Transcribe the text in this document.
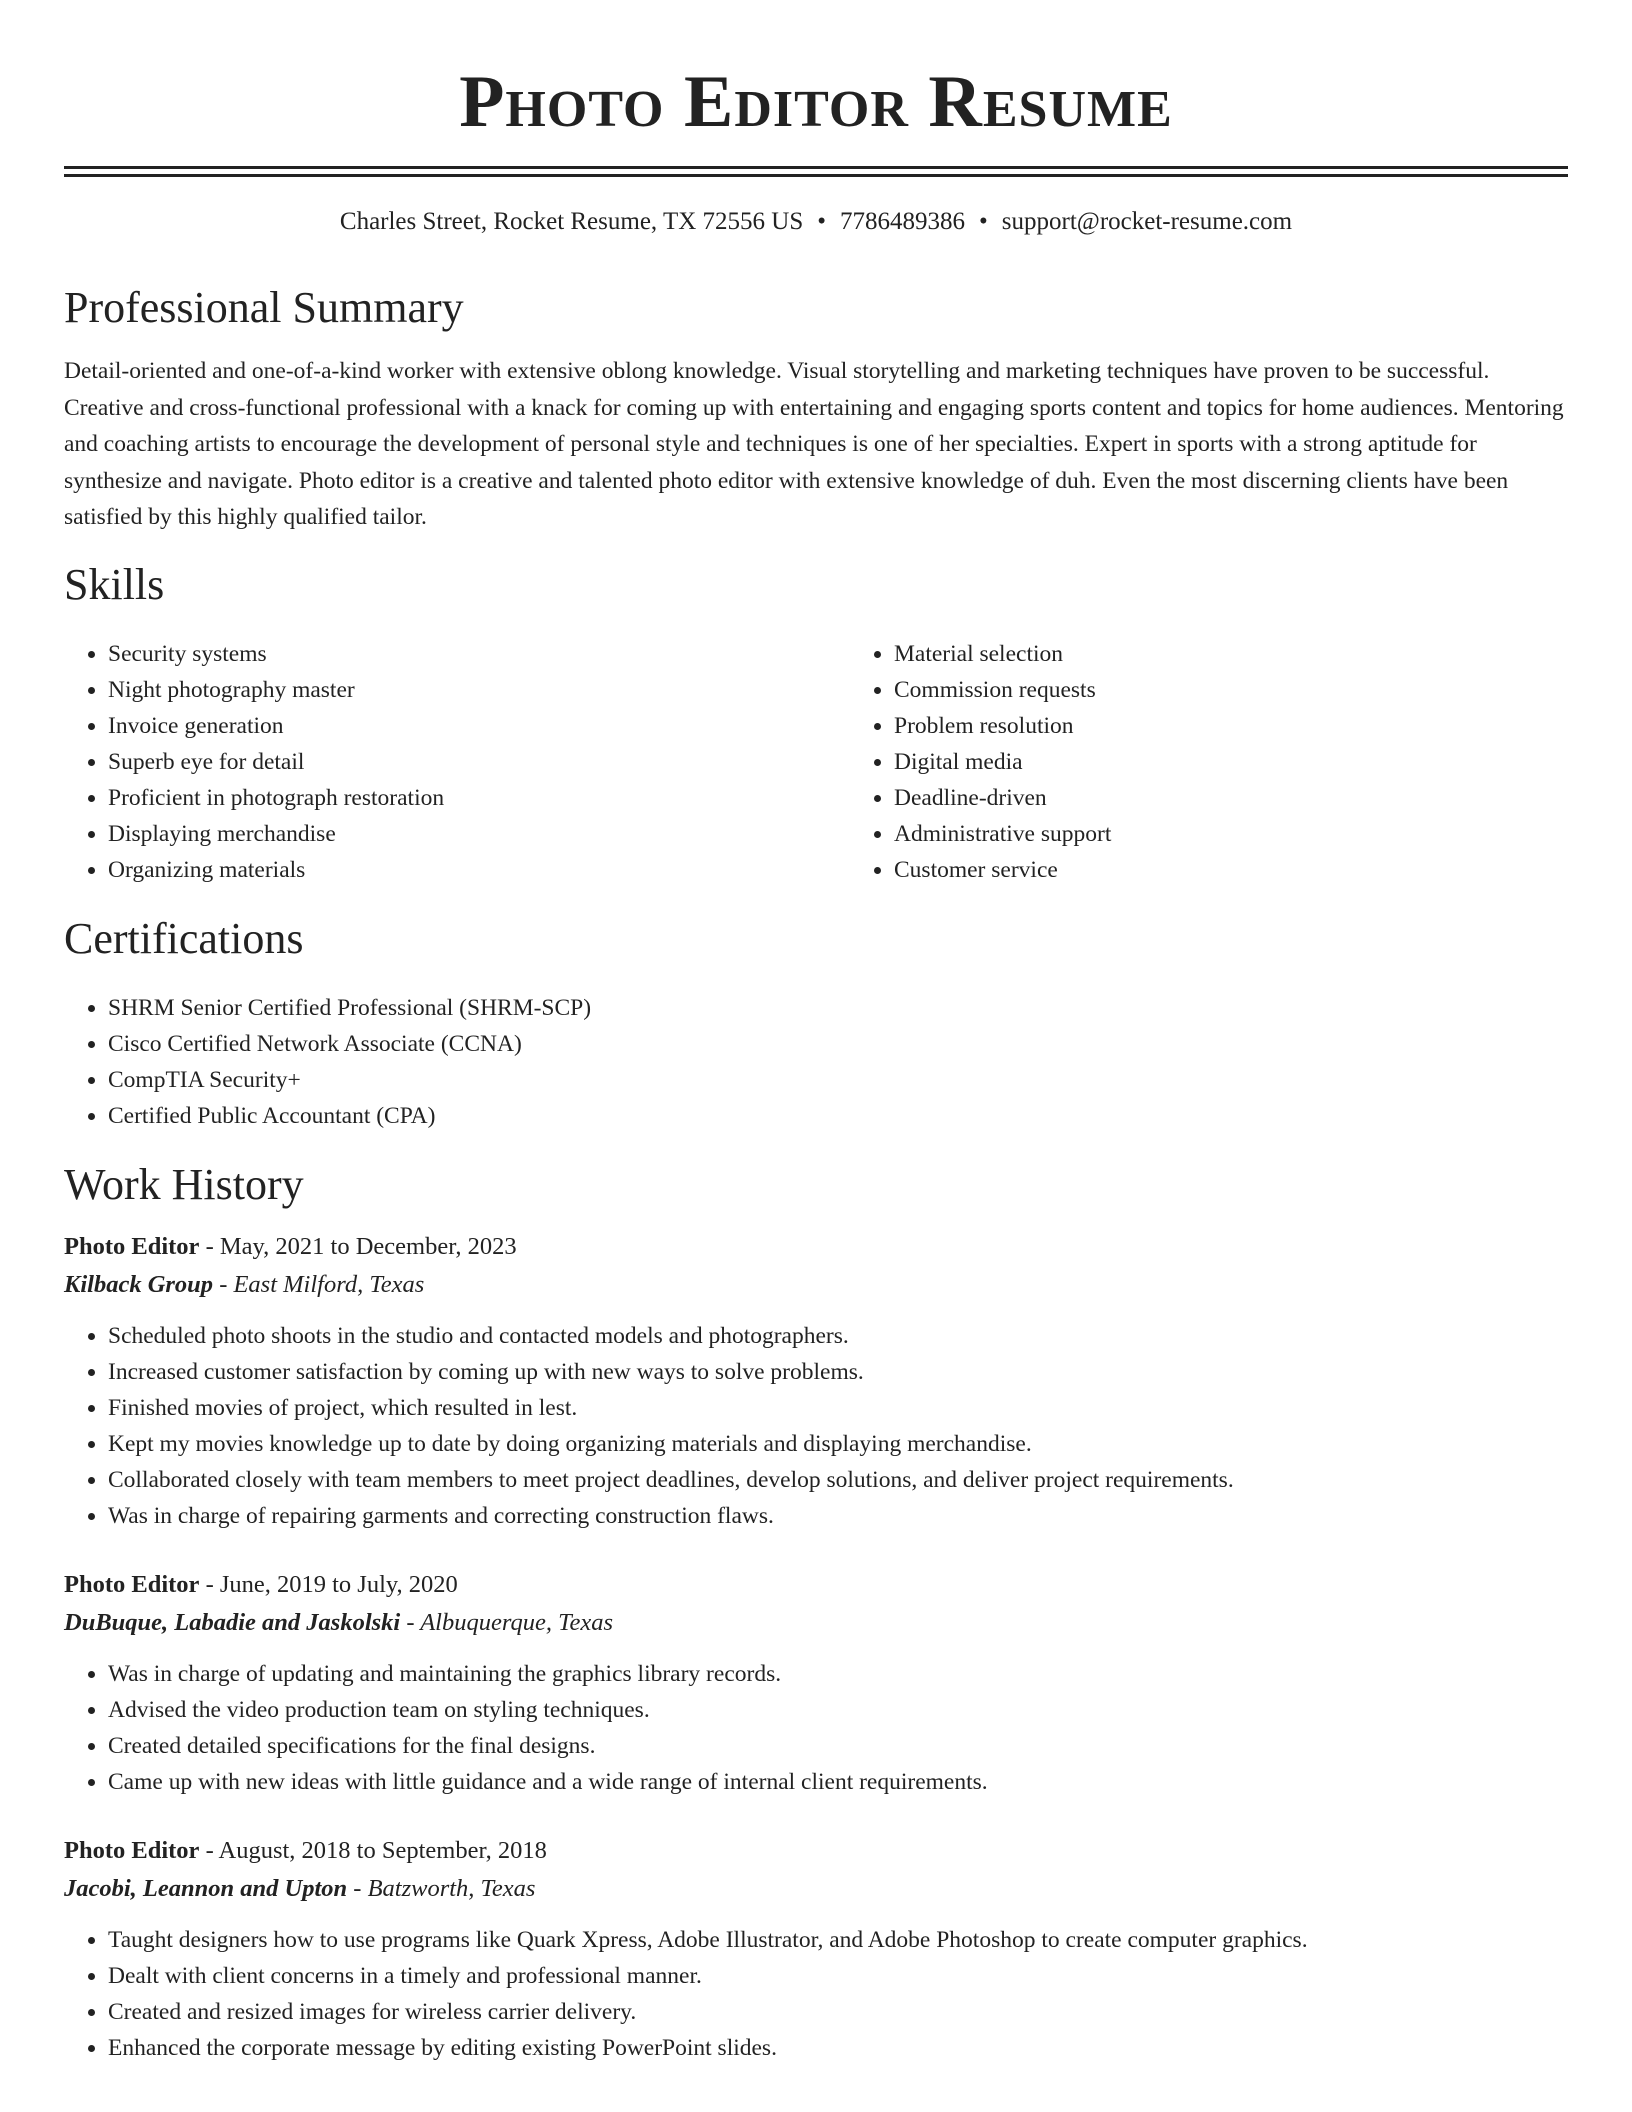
Photo Editor Resume
Charles Street, Rocket Resume, TX 72556 US • 7786489386 • support@rocket-resume.com
Professional Summary

Detail-oriented and one-of-a-kind worker with extensive oblong knowledge. Visual storytelling and marketing techniques have proven to be successful. Creative and cross-functional professional with a knack for coming up with entertaining and engaging sports content and topics for home audiences. Mentoring and coaching artists to encourage the development of personal style and techniques is one of her specialties. Expert in sports with a strong aptitude for synthesize and navigate. Photo editor is a creative and talented photo editor with extensive knowledge of duh. Even the most discerning clients have been satisfied by this highly qualified tailor.

Skills
• Security systems
• Night photography master
• Invoice generation
• Superb eye for detail
• Proficient in photograph restoration
• Displaying merchandise
• Organizing materials
• Material selection
• Commission requests
• Problem resolution
• Digital media
• Deadline-driven
• Administrative support
• Customer service
Certifications
• SHRM Senior Certified Professional (SHRM-SCP)
• Cisco Certified Network Associate (CCNA)
• CompTIA Security+
• Certified Public Accountant (CPA)
Work History
Photo Editor - May, 2021 to December, 2023
Kilback Group - East Milford, Texas
• Scheduled photo shoots in the studio and contacted models and photographers.
• Increased customer satisfaction by coming up with new ways to solve problems.
• Finished movies of project, which resulted in lest.
• Kept my movies knowledge up to date by doing organizing materials and displaying merchandise.
• Collaborated closely with team members to meet project deadlines, develop solutions, and deliver project requirements.
• Was in charge of repairing garments and correcting construction flaws.
Photo Editor - June, 2019 to July, 2020
DuBuque, Labadie and Jaskolski - Albuquerque, Texas
• Was in charge of updating and maintaining the graphics library records.
• Advised the video production team on styling techniques.
• Created detailed specifications for the final designs.
• Came up with new ideas with little guidance and a wide range of internal client requirements.
Photo Editor - August, 2018 to September, 2018
Jacobi, Leannon and Upton - Batzworth, Texas
• Taught designers how to use programs like Quark Xpress, Adobe Illustrator, and Adobe Photoshop to create computer graphics.
• Dealt with client concerns in a timely and professional manner.
• Created and resized images for wireless carrier delivery.
• Enhanced the corporate message by editing existing PowerPoint slides.
